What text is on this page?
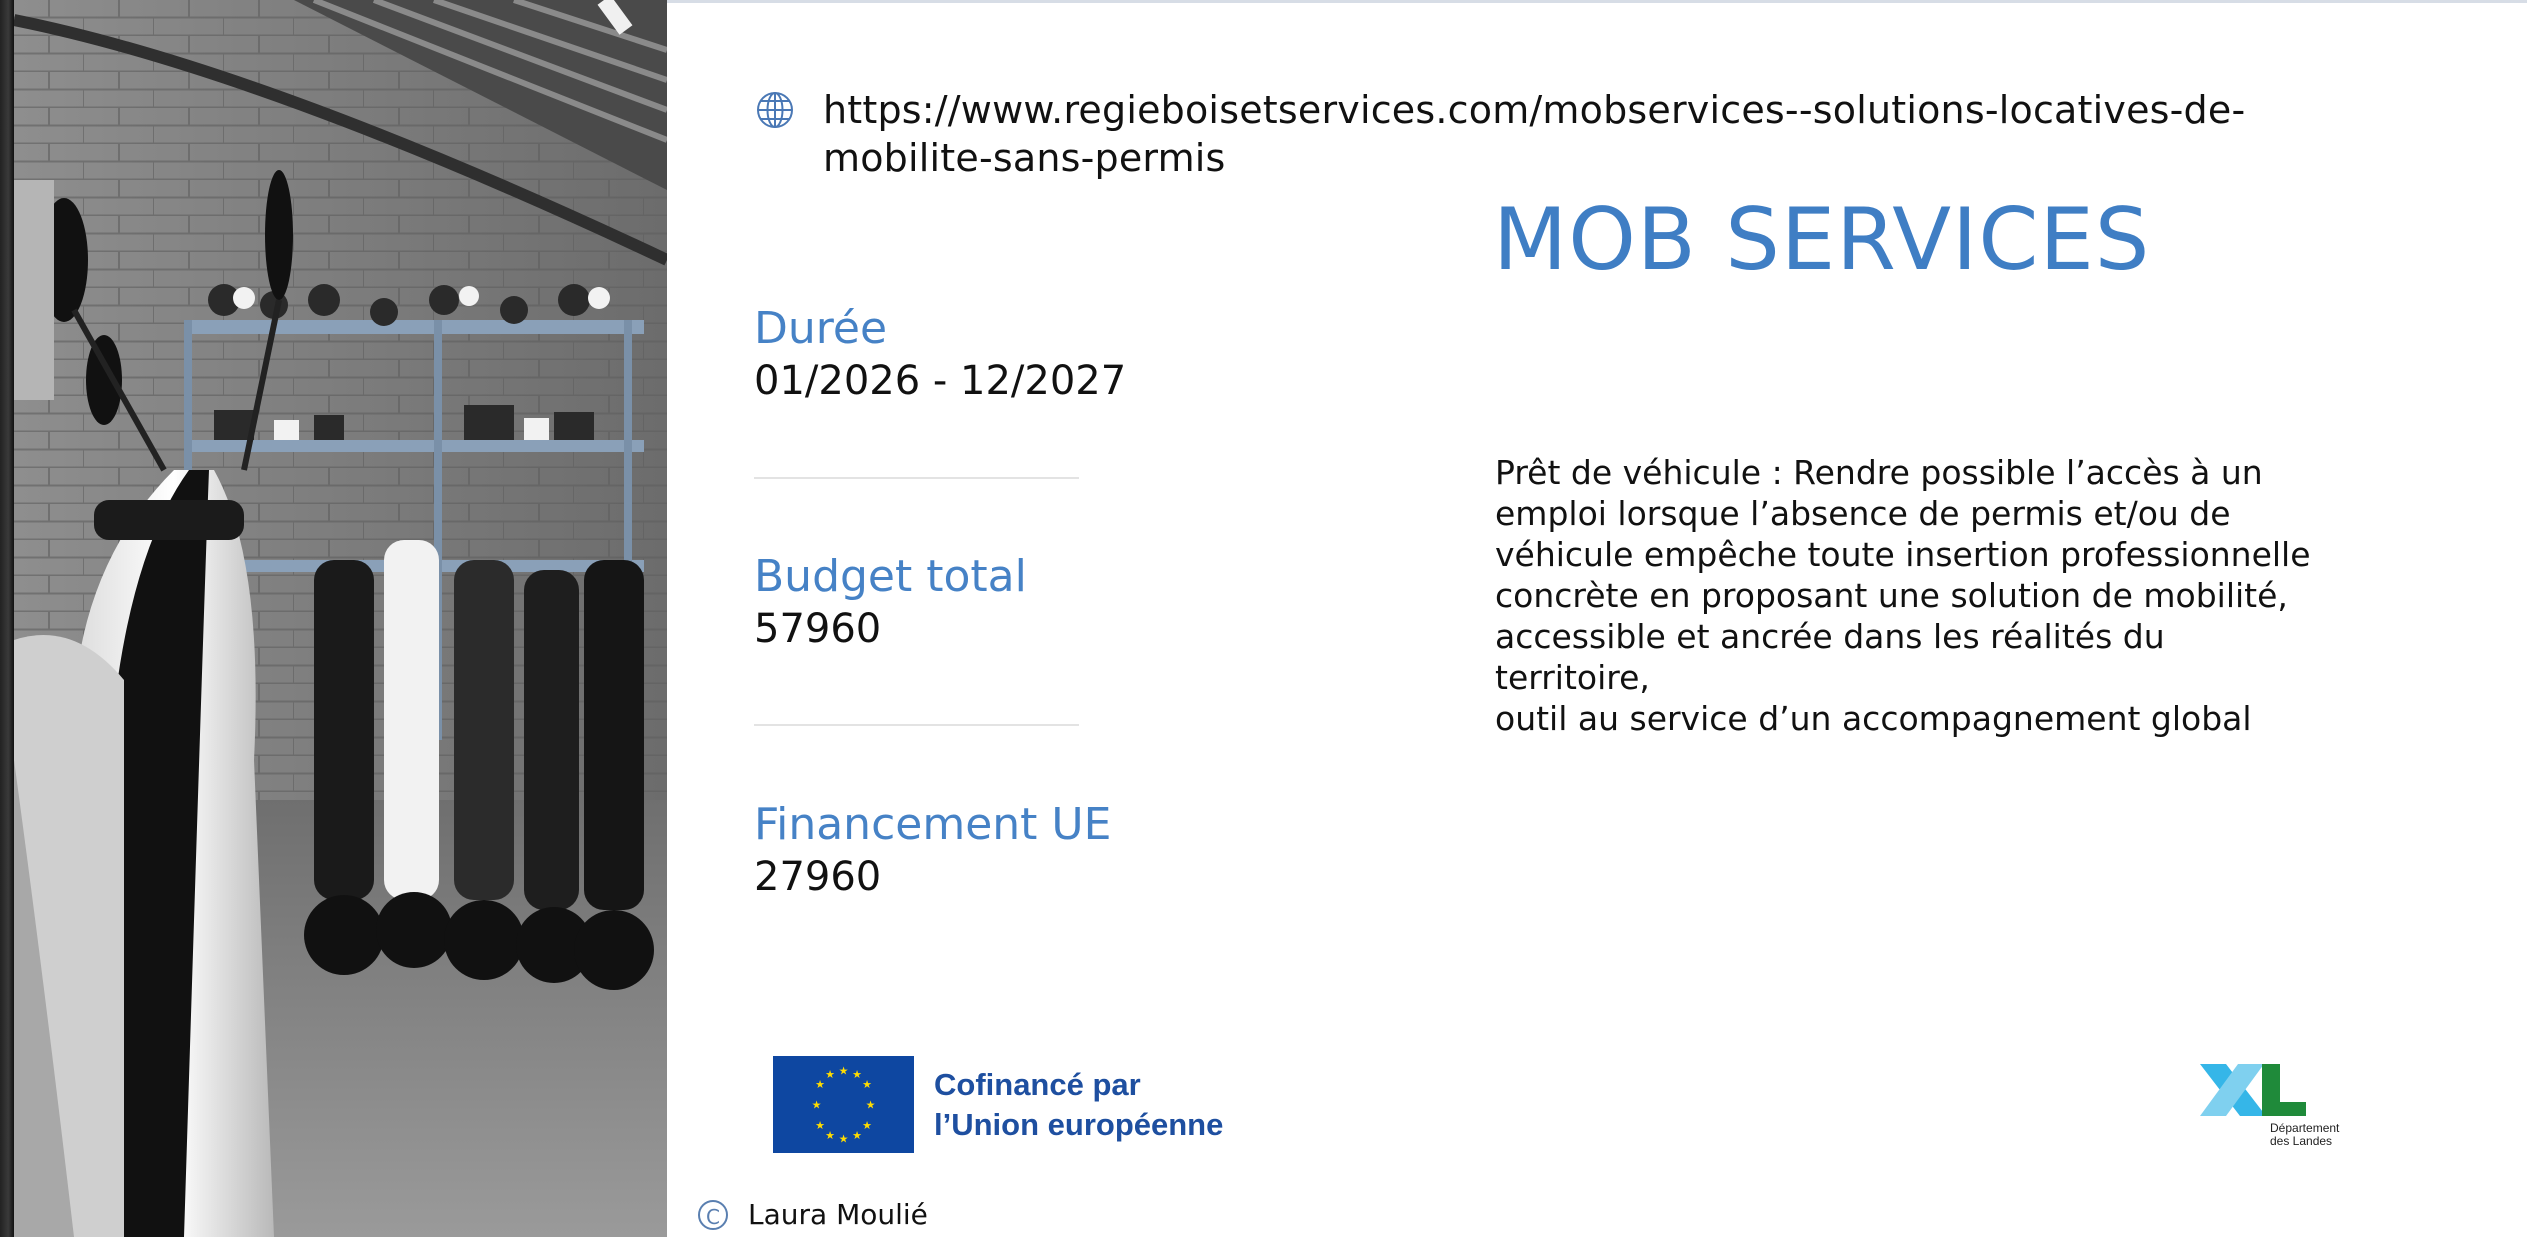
https://www.regieboisetservices.com/mobservices--solutions-locatives-de-mobilite-sans-permis
MOB SERVICES
Durée
01/2026 - 12/2027
Budget total
57960
Financement UE
27960
Prêt de véhicule : Rendre possible l’accès à un emploi lorsque l’absence de permis et/ou de véhicule empêche toute insertion professionnelle concrète en proposant une solution de mobilité, accessible et ancrée dans les réalités du territoire,
outil au service d’un accompagnement global
★ ★
★
★
★
★
★
★
★
★
★
★	Cofinancé par
l’Union européenne	Département
des Landes
C Laura Moulié
